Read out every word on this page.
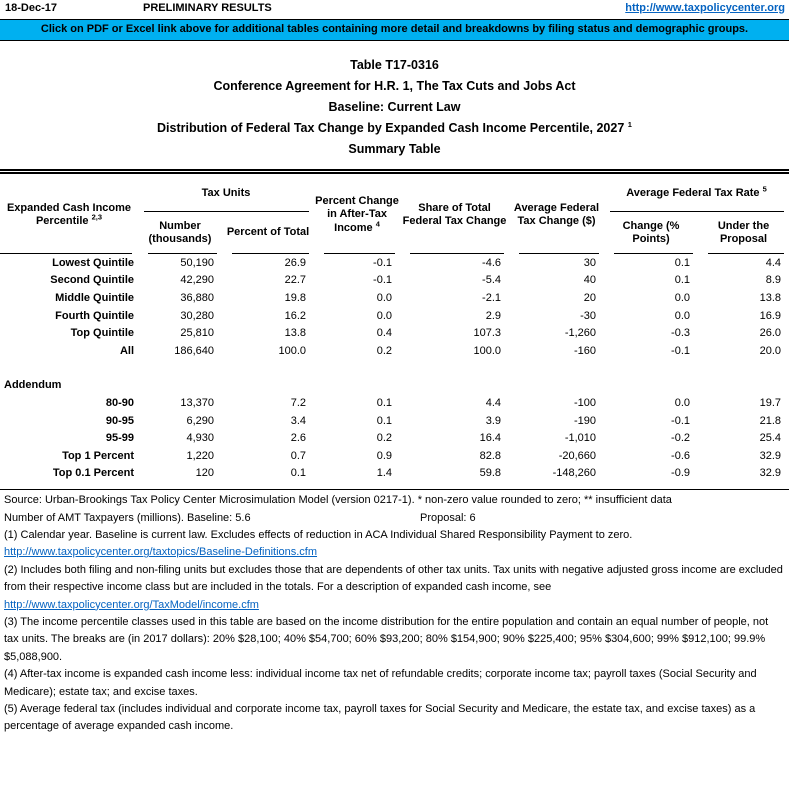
18-Dec-17	PRELIMINARY RESULTS	http://www.taxpolicycenter.org
Click on PDF or Excel link above for additional tables containing more detail and breakdowns by filing status and demographic groups.
Table T17-0316
Conference Agreement for H.R. 1, The Tax Cuts and Jobs Act
Baseline: Current Law
Distribution of Federal Tax Change by Expanded Cash Income Percentile, 2027 $^1$
Summary Table
Expanded Cash Income
Percentile $^{2,3}$	Tax Units		Percent Change in After-Tax Income $^4$	Share of Total Federal Tax Change	Average Federal Tax Change ($)	Average Federal Tax Rate $^5$
	Number (thousands)	Percent of Total				Change (% Points)	Under the Proposal
Lowest Quintile	50,190	26.9	-0.1	-4.6	30	0.1	4.4
Second Quintile	42,290	22.7	-0.1	-5.4	40	0.1	8.9
Middle Quintile	36,880	19.8	0.0	-2.1	20	0.0	13.8
Fourth Quintile	30,280	16.2	0.0	2.9	-30	0.0	16.9
Top Quintile	25,810	13.8	0.4	107.3	-1,260	-0.3	26.0
All	186,640	100.0	0.2	100.0	-160	-0.1	20.0

Addendum							
80-90	13,370	7.2	0.1	4.4	-100	0.0	19.7
90-95	6,290	3.4	0.1	3.9	-190	-0.1	21.8
95-99	4,930	2.6	0.2	16.4	-1,010	-0.2	25.4
Top 1 Percent	1,220	0.7	0.9	82.8	-20,660	-0.6	32.9
Top 0.1 Percent	120	0.1	1.4	59.8	-148,260	-0.9	32.9

Source: Urban-Brookings Tax Policy Center Microsimulation Model (version 0217-1). * non-zero value rounded to zero; ** insufficient data
Number of AMT Taxpayers (millions). Baseline: 5.6	Proposal: 6
(1) Calendar year. Baseline is current law. Excludes effects of reduction in ACA Individual Shared Responsibility Payment to zero.
http://www.taxpolicycenter.org/taxtopics/Baseline-Definitions.cfm
(2) Includes both filing and non-filing units but excludes those that are dependents of other tax units. Tax units with negative adjusted gross income are excluded from their respective income class but are included in the totals. For a description of expanded cash income, see
http://www.taxpolicycenter.org/TaxModel/income.cfm
(3) The income percentile classes used in this table are based on the income distribution for the entire population and contain an equal number of people, not tax units. The breaks are (in 2017 dollars): 20% $28,100; 40% $54,700; 60% $93,200; 80% $154,900; 90% $225,400; 95% $304,600; 99% $912,100; 99.9% $5,088,900.
(4) After-tax income is expanded cash income less: individual income tax net of refundable credits; corporate income tax; payroll taxes (Social Security and Medicare); estate tax; and excise taxes.
(5) Average federal tax (includes individual and corporate income tax, payroll taxes for Social Security and Medicare, the estate tax, and excise taxes) as a percentage of average expanded cash income.
